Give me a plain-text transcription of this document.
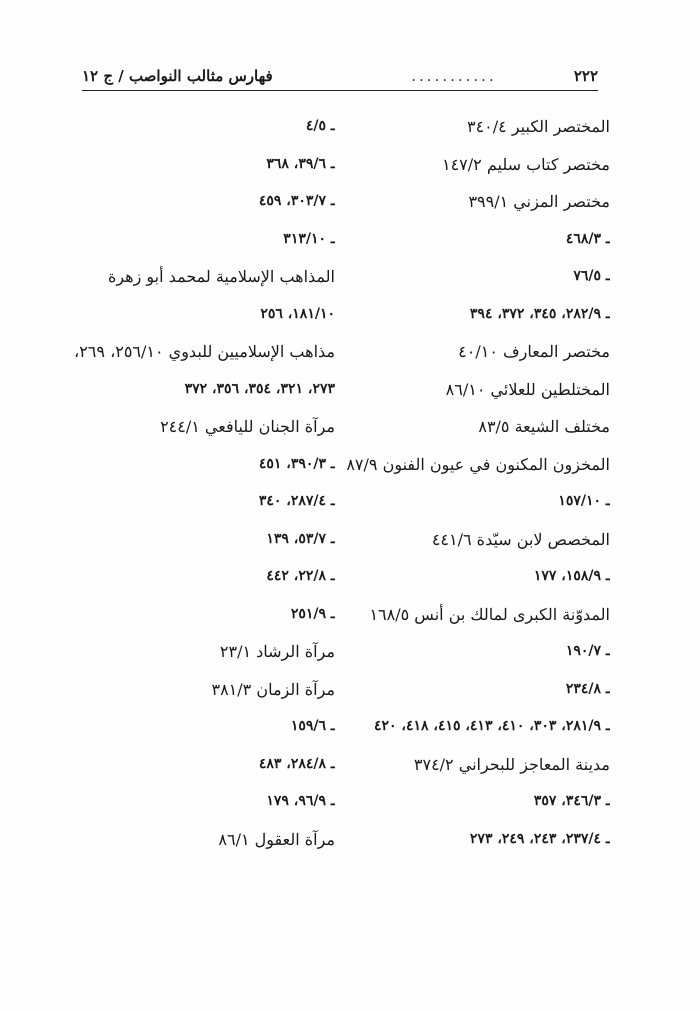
٢٢٢
...........
فهارس مثالب النواصب / ج ١٢
المختصر الكبير ٣٤٠/٤
مختصر كتاب سليم ١٤٧/٢
مختصر المزني ٣٩٩/١
ـ ٤٦٨/٣
ـ ٧٦/٥
ـ ٢٨٢/٩، ٣٤٥، ٣٧٢، ٣٩٤
مختصر المعارف ٤٠/١٠
المختلطين للعلائي ٨٦/١٠
مختلف الشيعة ٨٣/٥
المخزون المكنون في عيون الفنون ٨٧/٩
ـ ١٥٧/١٠
المخصص لابن سيّدة ٤٤١/٦
ـ ١٥٨/٩، ١٧٧
المدوّنة الكبرى لمالك بن أنس ١٦٨/٥
ـ ١٩٠/٧
ـ ٢٣٤/٨
ـ ٢٨١/٩، ٣٠٣، ٤١٠، ٤١٣، ٤١٥، ٤١٨، ٤٢٠
مدينة المعاجز للبحراني ٣٧٤/٢
ـ ٣٤٦/٣، ٣٥٧
ـ ٢٣٧/٤، ٢٤٣، ٢٤٩، ٢٧٣
ـ ٤/٥
ـ ٣٩/٦، ٣٦٨
ـ ٣٠٣/٧، ٤٥٩
ـ ٣١٣/١٠
المذاهب الإسلامية لمحمد أبو زهرة
١٨١/١٠، ٢٥٦
مذاهب الإسلاميين للبدوي ٢٥٦/١٠، ٢٦٩،
٢٧٣، ٣٢١، ٣٥٤، ٣٥٦، ٣٧٢
مرآة الجنان لليافعي ٢٤٤/١
ـ ٣٩٠/٣، ٤٥١
ـ ٢٨٧/٤، ٣٤٠
ـ ٥٣/٧، ١٣٩
ـ ٢٢/٨، ٤٤٢
ـ ٢٥١/٩
مرآة الرشاد ٢٣/١
مرآة الزمان ٣٨١/٣
ـ ١٥٩/٦
ـ ٢٨٤/٨، ٤٨٣
ـ ٩٦/٩، ١٧٩
مرآة العقول ٨٦/١
